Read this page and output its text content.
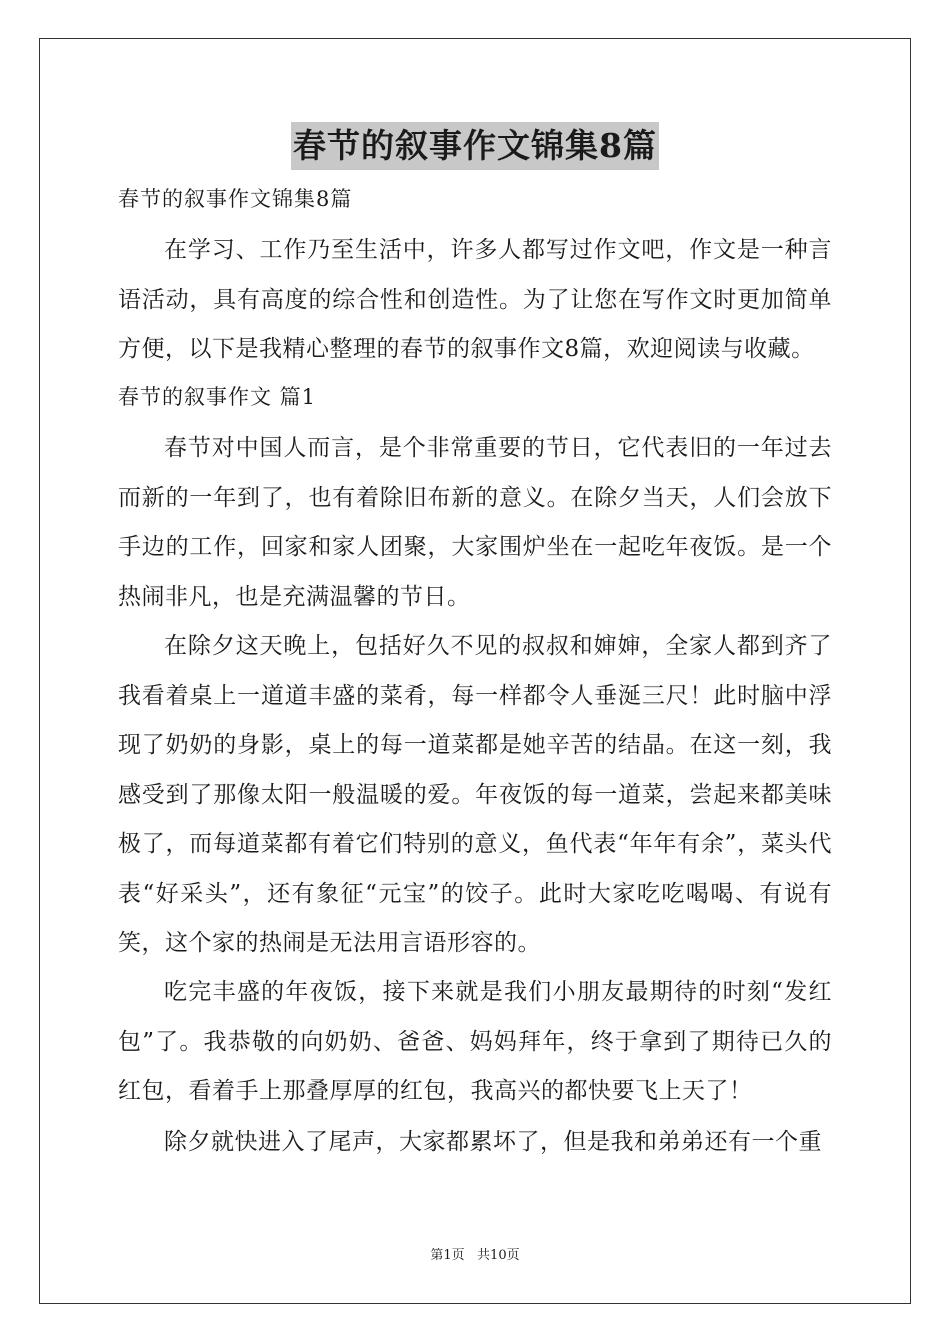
春节的叙事作文锦集8篇
春节的叙事作文锦集8篇

在学习、工作乃至生活中，许多人都写过作文吧，作文是一种言语活动，具有高度的综合性和创造性。为了让您在写作文时更加简单方便，以下是我精心整理的春节的叙事作文8篇，欢迎阅读与收藏。

春节的叙事作文 篇1

春节对中国人而言，是个非常重要的节日，它代表旧的一年过去而新的一年到了，也有着除旧布新的意义。在除夕当天，人们会放下手边的工作，回家和家人团聚，大家围炉坐在一起吃年夜饭。是一个热闹非凡，也是充满温馨的节日。

在除夕这天晚上，包括好久不见的叔叔和婶婶，全家人都到齐了我看着桌上一道道丰盛的菜肴，每一样都令人垂涎三尺！此时脑中浮现了奶奶的身影，桌上的每一道菜都是她辛苦的结晶。在这一刻，我感受到了那像太阳一般温暖的爱。年夜饭的每一道菜，尝起来都美味极了，而每道菜都有着它们特别的意义，鱼代表“年年有余”，菜头代表“好采头”，还有象征“元宝”的饺子。此时大家吃吃喝喝、有说有笑，这个家的热闹是无法用言语形容的。

吃完丰盛的年夜饭，接下来就是我们小朋友最期待的时刻“发红包”了。我恭敬的向奶奶、爸爸、妈妈拜年，终于拿到了期待已久的红包，看着手上那叠厚厚的红包，我高兴的都快要飞上天了！

除夕就快进入了尾声，大家都累坏了，但是我和弟弟还有一个重

第1页   共10页
